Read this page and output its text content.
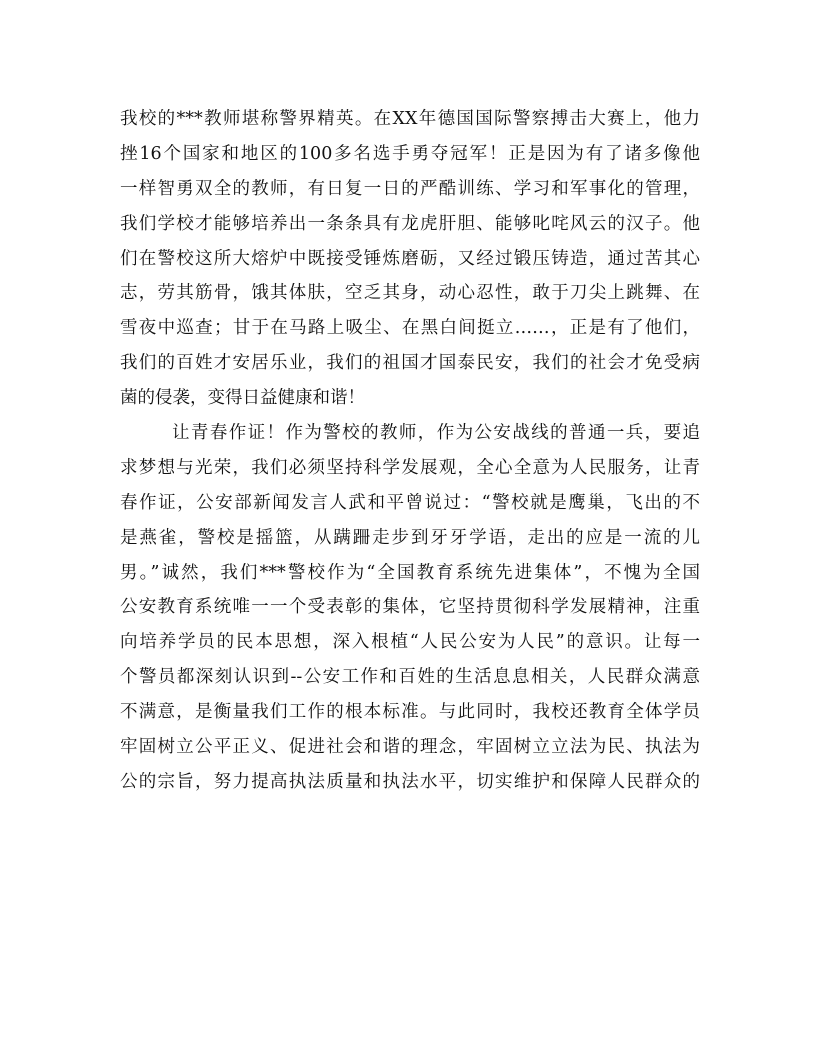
我校的***教师堪称警界精英。在XX年德国国际警察搏击大赛上，他力
挫16个国家和地区的100多名选手勇夺冠军！正是因为有了诸多像他
一样智勇双全的教师，有日复一日的严酷训练、学习和军事化的管理，
我们学校才能够培养出一条条具有龙虎肝胆、能够叱咤风云的汉子。他
们在警校这所大熔炉中既接受锤炼磨砺，又经过锻压铸造，通过苦其心
志，劳其筋骨，饿其体肤，空乏其身，动心忍性，敢于刀尖上跳舞、在
雪夜中巡查；甘于在马路上吸尘、在黑白间挺立……，正是有了他们，
我们的百姓才安居乐业，我们的祖国才国泰民安，我们的社会才免受病
菌的侵袭，变得日益健康和谐！
让青春作证！作为警校的教师，作为公安战线的普通一兵，要追
求梦想与光荣，我们必须坚持科学发展观，全心全意为人民服务，让青
春作证，公安部新闻发言人武和平曾说过：“警校就是鹰巢，飞出的不
是燕雀，警校是摇篮，从蹒跚走步到牙牙学语，走出的应是一流的儿
男。”诚然，我们***警校作为“全国教育系统先进集体”，不愧为全国
公安教育系统唯一一个受表彰的集体，它坚持贯彻科学发展精神，注重
向培养学员的民本思想，深入根植“人民公安为人民”的意识。让每一
个警员都深刻认识到--公安工作和百姓的生活息息相关，人民群众满意
不满意，是衡量我们工作的根本标准。与此同时，我校还教育全体学员
牢固树立公平正义、促进社会和谐的理念，牢固树立立法为民、执法为
公的宗旨，努力提高执法质量和执法水平，切实维护和保障人民群众的
